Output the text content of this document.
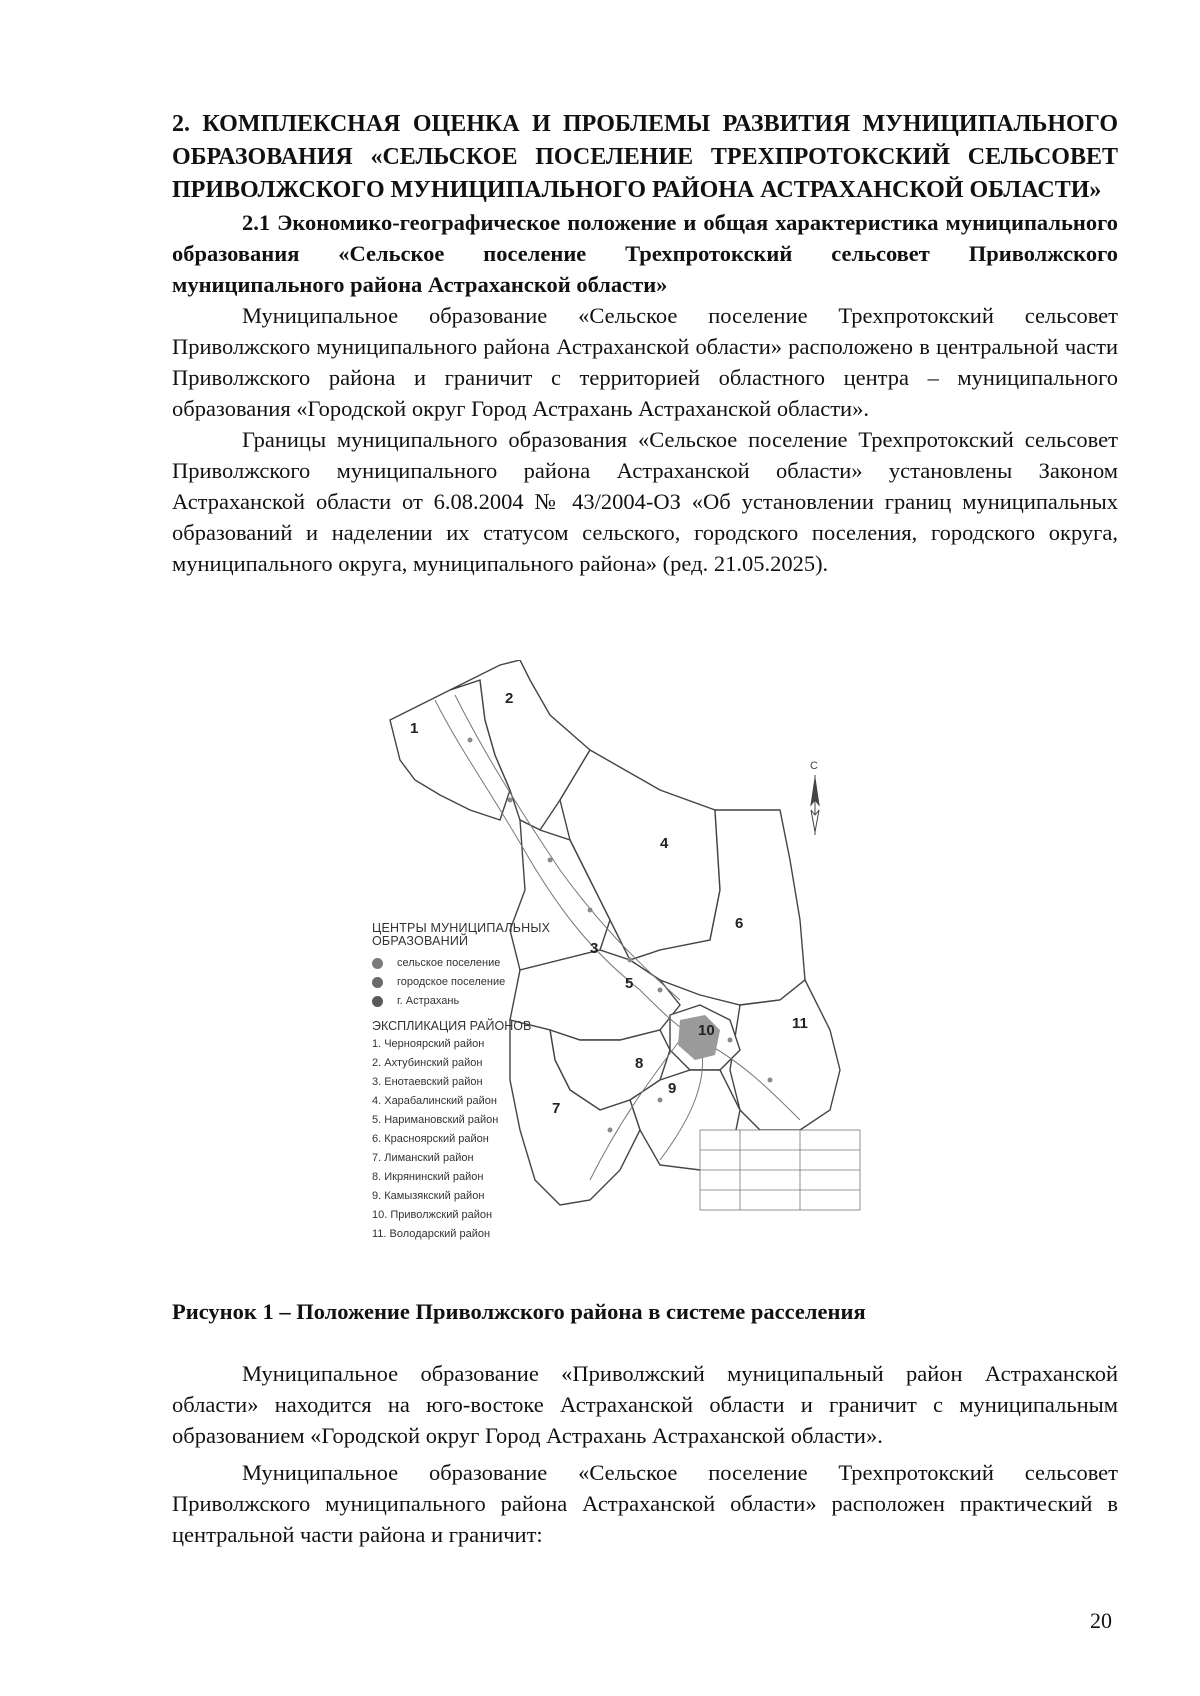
2. КОМПЛЕКСНАЯ ОЦЕНКА И ПРОБЛЕМЫ РАЗВИТИЯ МУНИЦИПАЛЬНОГО ОБРАЗОВАНИЯ «СЕЛЬСКОЕ ПОСЕЛЕНИЕ ТРЕХПРОТОКСКИЙ СЕЛЬСОВЕТ ПРИВОЛЖСКОГО МУНИЦИПАЛЬНОГО РАЙОНА АСТРАХАНСКОЙ ОБЛАСТИ»

2.1 Экономико-географическое положение и общая характеристика муниципального образования «Сельское поселение Трехпротокский сельсовет Приволжского муниципального района Астраханской области»

Муниципальное образование «Сельское поселение Трехпротокский сельсовет Приволжского муниципального района Астраханской области» расположено в центральной части Приволжского района и граничит с территорией областного центра – муниципального образования «Городской округ Город Астрахань Астраханской области».

Границы муниципального образования «Сельское поселение Трехпротокский сельсовет Приволжского муниципального района Астраханской области» установлены Законом Астраханской области от 6.08.2004 № 43/2004-ОЗ «Об установлении границ муниципальных образований и наделении их статусом сельского, городского поселения, городского округа, муниципального округа, муниципального района» (ред. 21.05.2025).

С
1
2
3
4
5
6
7
8
9
10	11
ЦЕНТРЫ МУНИЦИПАЛЬНЫХ ОБРАЗОВАНИЙ
сельское поселение
городское поселение
г. Астрахань
ЭКСПЛИКАЦИЯ РАЙОНОВ
1. Черноярский район
2. Ахтубинский район
3. Енотаевский район
4. Харабалинский район
5. Наримановский район
6. Красноярский район
7. Лиманский район
8. Икрянинский район
9. Камызякский район
10. Приволжский район
11. Володарский район
Рисунок 1 – Положение Приволжского района в системе расселения

Муниципальное образование «Приволжский муниципальный район Астраханской области» находится на юго-востоке Астраханской области и граничит с муниципальным образованием «Городской округ Город Астрахань Астраханской области».

Муниципальное образование «Сельское поселение Трехпротокский сельсовет Приволжского муниципального района Астраханской области» расположен практический в центральной части района и граничит:

20
